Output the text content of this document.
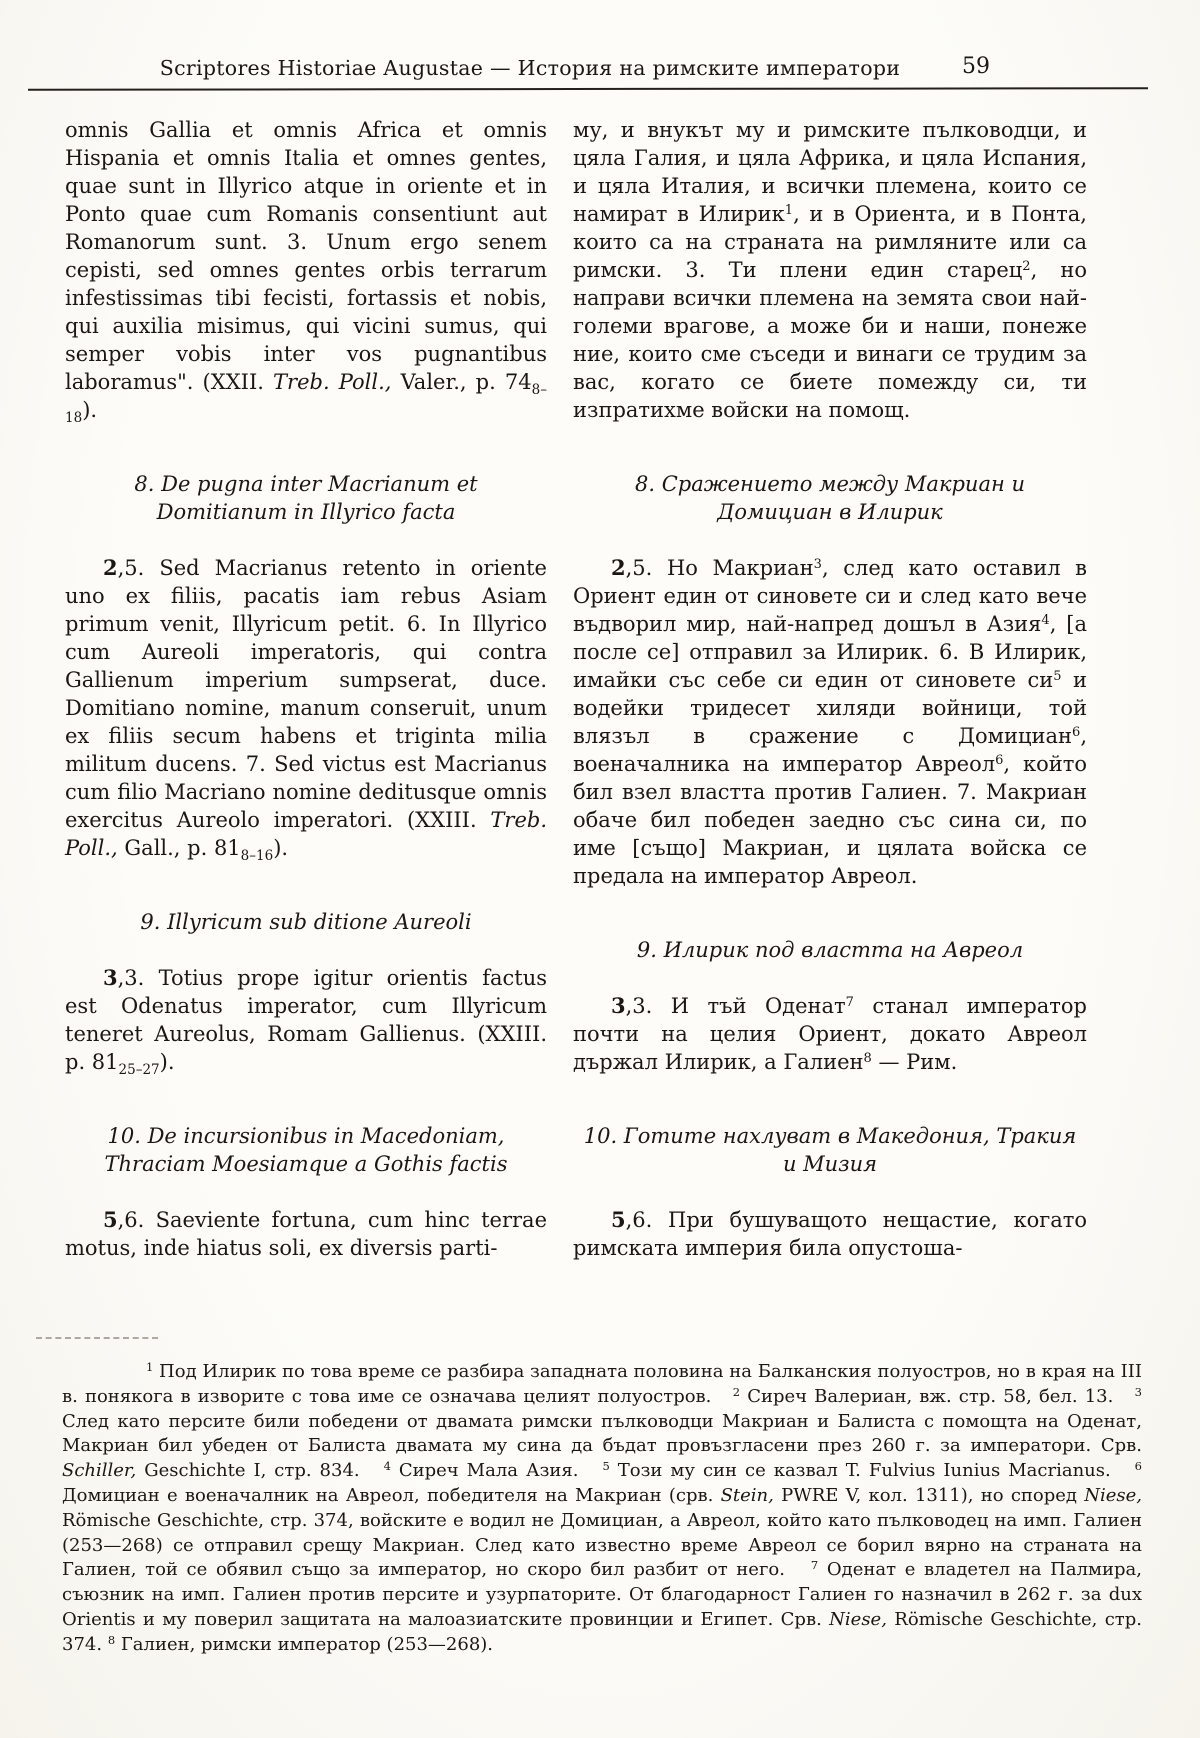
Scriptores Historiae Augustae — История на римските императори	59
omnis Gallia et omnis Africa et omnis Hispania et omnis Italia et omnes gentes, quae sunt in Illyrico atque in oriente et in Ponto quae cum Romanis consentiunt aut Romanorum sunt. 3. Unum ergo senem cepisti, sed omnes gentes orbis terrarum infestissimas tibi fecisti, fortassis et nobis, qui auxilia misimus, qui vicini sumus, qui semper vobis inter vos pugnantibus laboramus". (XXII. Treb. Poll., Valer., p. $74_{8-18}$).
8. De pugna inter Macrianum et Domitianum in Illyrico facta
2,5. Sed Macrianus retento in oriente uno ex filiis, pacatis iam rebus Asiam primum venit, Illyricum petit. 6. In Illyrico cum Aureoli imperatoris, qui contra Gallienum imperium sumpserat, duce. Domitiano nomine, manum conseruit, unum ex filiis secum habens et triginta milia militum ducens. 7. Sed victus est Macrianus cum filio Macriano nomine deditusque omnis exercitus Aureolo imperatori. (XXIII. Treb. Poll., Gall., p. $81_{8-16}$).
9. Illyricum sub ditione Aureoli
3,3. Totius prope igitur orientis factus est Odenatus imperator, cum Illyricum teneret Aureolus, Romam Gallienus. (XXIII. p. $81_{25-27}$).
10. De incursionibus in Macedoniam, Thraciam Moesiamque a Gothis factis
5,6. Saeviente fortuna, cum hinc terrae motus, inde hiatus soli, ex diversis parti-
му, и внукът му и римските пълководци, и цяла Галия, и цяла Африка, и цяла Испания, и цяла Италия, и всички племена, които се намират в Илирик$^1$, и в Ориента, и в Понта, които са на страната на римляните или са римски. 3. Ти плени един старец$^2$, но направи всички племена на земята свои най-големи врагове, а може би и наши, понеже ние, които сме съседи и винаги се трудим за вас, когато се биете помежду си, ти изпратихме войски на помощ.
8. Сражението между Макриан и Домициан в Илирик
2,5. Но Макриан$^3$, след като оставил в Ориент един от синовете си и след като вече въдворил мир, най-напред дошъл в Азия$^4$, [а после се] отправил за Илирик. 6. В Илирик, имайки със себе си един от синовете $си^5$ и водейки тридесет хиляди войници, той влязъл в сражение с Домициан$^6$, военачалника на император Авреол$^6$, който бил взел властта против Галиен. 7. Макриан обаче бил победен заедно със сина си, по име [също] Макриан, и цялата войска се предала на император Авреол.
9. Илирик под властта на Авреол
3,3. И тъй Оденат$^7$ станал император почти на целия Ориент, докато Авреол държал Илирик, а Галиен$^8$ — Рим.
10. Готите нахлуват в Македония, Тракия и Мизия
5,6. При бушуващото нещастие, когато римската империя била опустоша-
$^1$ Под Илирик по това време се разбира западната половина на Балканския полуостров, но в края на III в. понякога в изворите с това име се означава целият полуостров.   $^2$ Сиреч Валериан, вж. стр. 58, бел. 13.   $^3$ След като персите били победени от двамата римски пълководци Макриан и Балиста с помощта на Оденат, Макриан бил убеден от Балиста двамата му сина да бъдат провъзгласени през 260 г. за императори. Срв. Schiller, Geschichte I, стр. 834.   $^4$ Сиреч Мала Азия.   $^5$ Този му син се казвал T. Fulvius Iunius Macrianus.   $^6$ Домициан е военачалник на Авреол, победителя на Макриан (срв. Stein, PWRE V, кол. 1311), но според Niese, Römische Geschichte, стр. 374, войските е водил не Домициан, а Авреол, който като пълководец на имп. Галиен (253—268) се отправил срещу Макриан. След като известно време Авреол се борил вярно на страната на Галиен, той се обявил също за император, но скоро бил разбит от него.   $^7$ Оденат е владетел на Палмира, съюзник на имп. Галиен против персите и узурпаторите. От благодарност Галиен го назначил в 262 г. за dux Orientis и му поверил защитата на малоазиатските провинции и Египет. Срв. Niese, Römische Geschichte, стр. 374. $^8$ Галиен, римски император (253—268).
